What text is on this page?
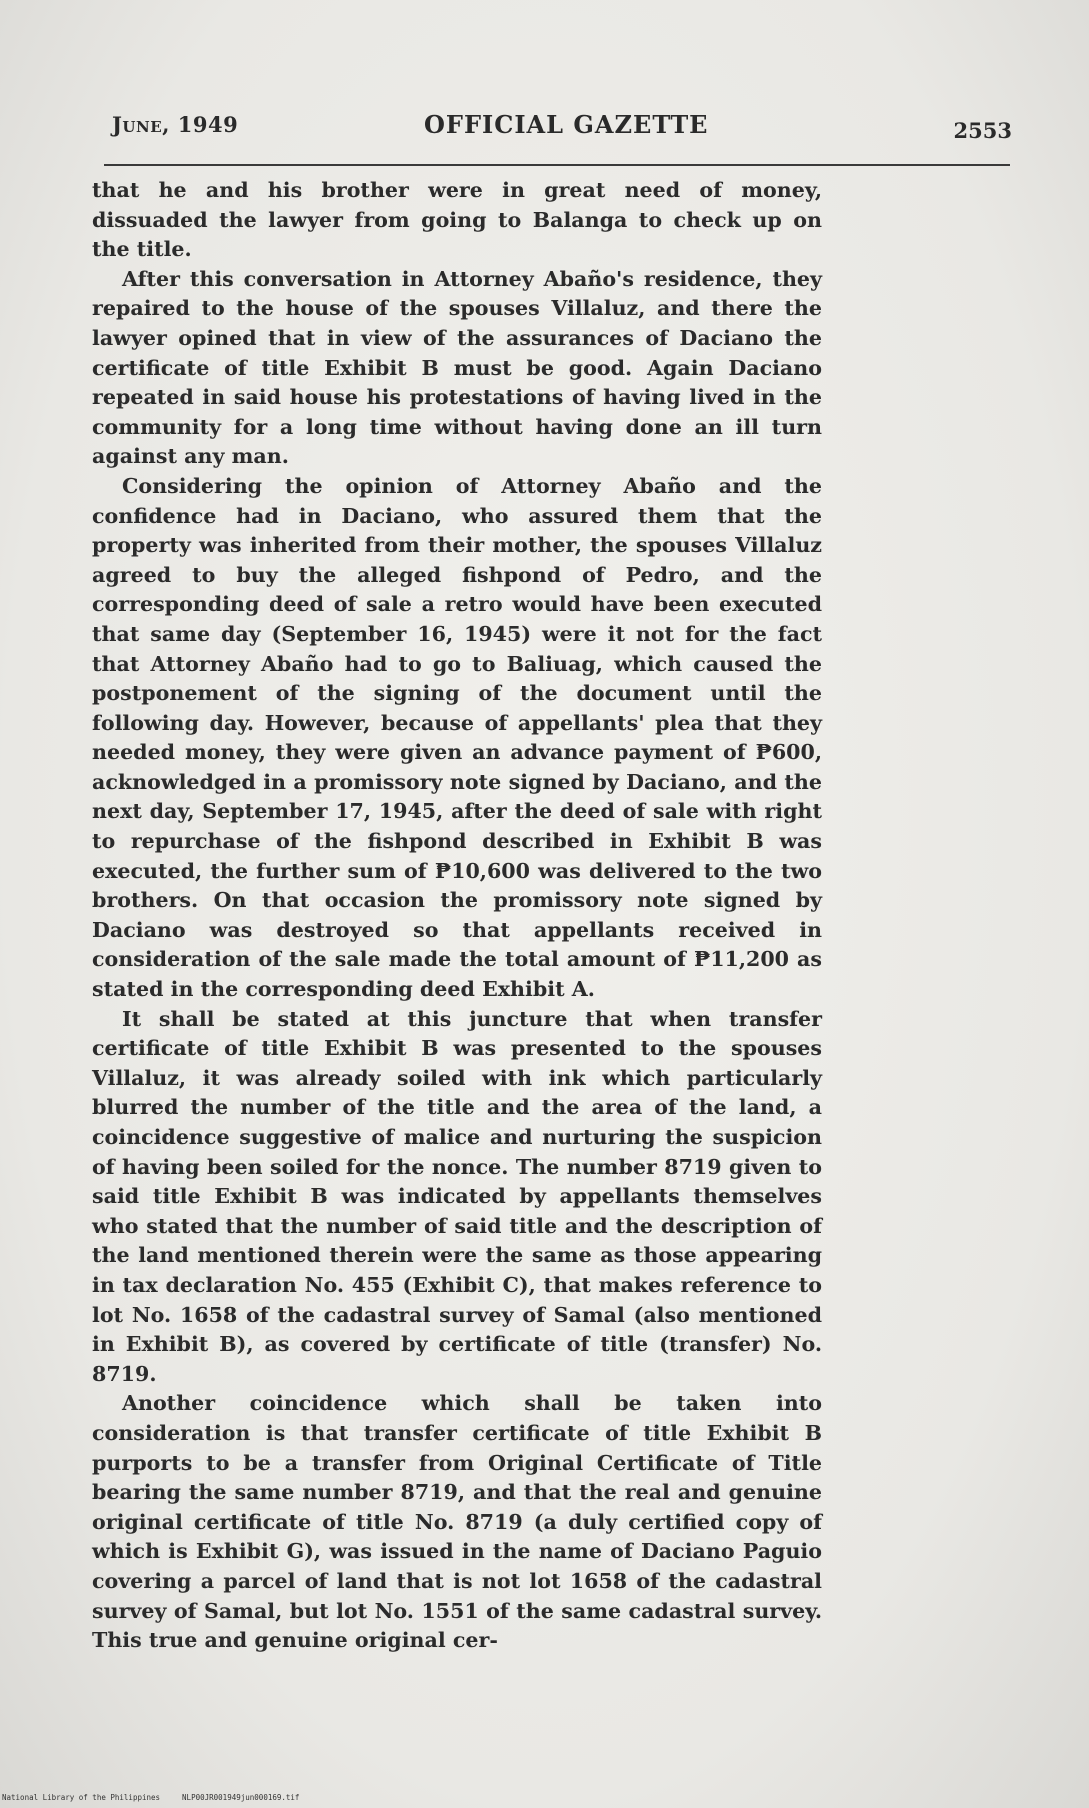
June, 1949	OFFICIAL GAZETTE	2553

that he and his brother were in great need of money, dissuaded the lawyer from going to Balanga to check up on the title.

After this conversation in Attorney Abaño's residence, they repaired to the house of the spouses Villaluz, and there the lawyer opined that in view of the assurances of Daciano the certificate of title Exhibit B must be good. Again Daciano repeated in said house his protestations of having lived in the community for a long time without having done an ill turn against any man.

Considering the opinion of Attorney Abaño and the confidence had in Daciano, who assured them that the property was inherited from their mother, the spouses Villaluz agreed to buy the alleged fishpond of Pedro, and the corresponding deed of sale a retro would have been executed that same day (September 16, 1945) were it not for the fact that Attorney Abaño had to go to Baliuag, which caused the postponement of the signing of the document until the following day. However, because of appellants' plea that they needed money, they were given an advance payment of ₱600, acknowledged in a promissory note signed by Daciano, and the next day, September 17, 1945, after the deed of sale with right to repurchase of the fishpond described in Exhibit B was executed, the further sum of ₱10,600 was delivered to the two brothers. On that occasion the promissory note signed by Daciano was destroyed so that appellants received in consideration of the sale made the total amount of ₱11,200 as stated in the corresponding deed Exhibit A.

It shall be stated at this juncture that when transfer certificate of title Exhibit B was presented to the spouses Villaluz, it was already soiled with ink which particularly blurred the number of the title and the area of the land, a coincidence suggestive of malice and nurturing the suspicion of having been soiled for the nonce. The number 8719 given to said title Exhibit B was indicated by appellants themselves who stated that the number of said title and the description of the land mentioned therein were the same as those appearing in tax declaration No. 455 (Exhibit C), that makes reference to lot No. 1658 of the cadastral survey of Samal (also mentioned in Exhibit B), as covered by certificate of title (transfer) No. 8719.

Another coincidence which shall be taken into consideration is that transfer certificate of title Exhibit B purports to be a transfer from Original Certificate of Title bearing the same number 8719, and that the real and genuine original certificate of title No. 8719 (a duly certified copy of which is Exhibit G), was issued in the name of Daciano Paguio covering a parcel of land that is not lot 1658 of the cadastral survey of Samal, but lot No. 1551 of the same cadastral survey. This true and genuine original cer-

National Library of the Philippines	NLP00JR001949jun000169.tif
